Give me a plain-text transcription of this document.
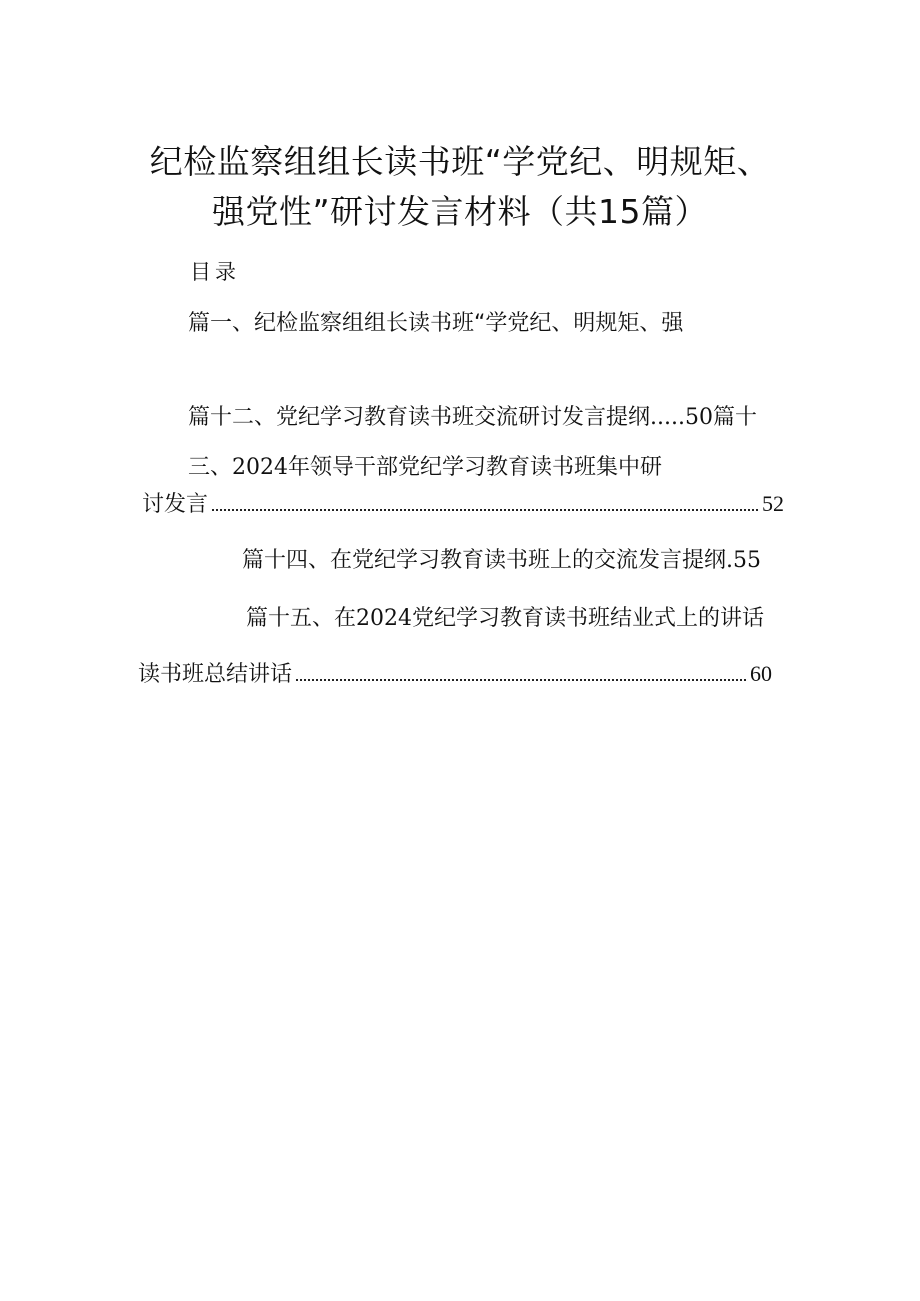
纪检监察组组长读书班“学党纪、明规矩、
强党性”研讨发言材料（共15篇）
目录
篇一、纪检监察组组长读书班“学党纪、明规矩、强
篇十二、党纪学习教育读书班交流研讨发言提纲.....50篇十
三、2024年领导干部党纪学习教育读书班集中研
讨发言	52
篇十四、在党纪学习教育读书班上的交流发言提纲.55
篇十五、在2024党纪学习教育读书班结业式上的讲话
读书班总结讲话	60
